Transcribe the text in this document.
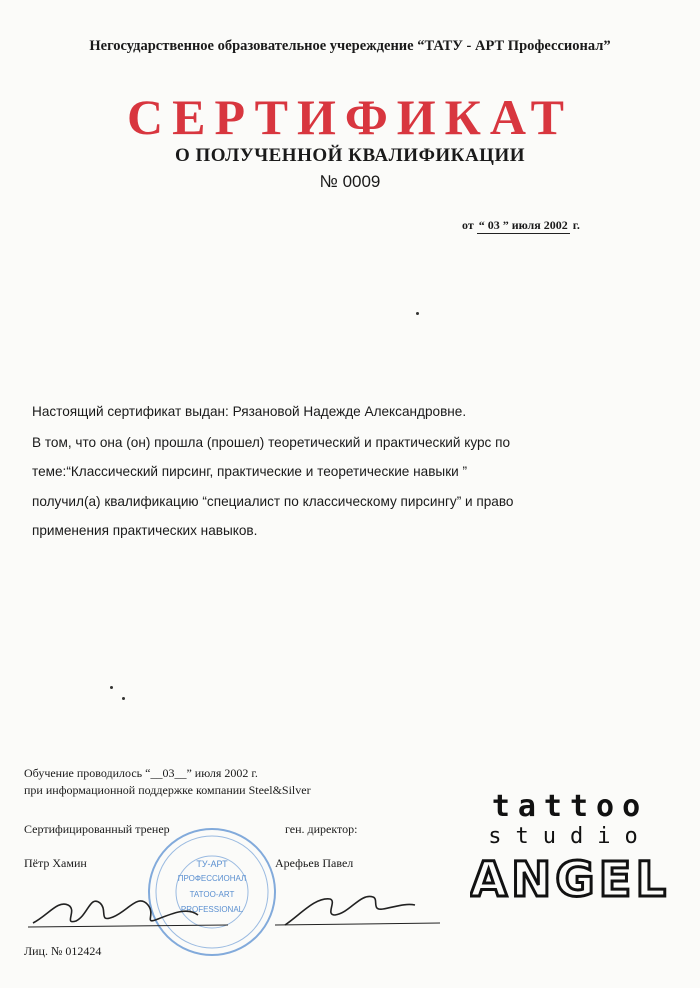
Негосударственное образовательное учереждение “ТАТУ - АРТ Профессионал”
СЕРТИФИКАТ
О ПОЛУЧЕННОЙ КВАЛИФИКАЦИИ
№ 0009
от “ 03 ” июля 2002 г.
Настоящий сертификат выдан: Рязановой Надежде Александровне.
В том, что она (он) прошла (прошел) теоретический и практический курс по
теме:“Классический пирсинг, практические и теоретические навыки ”
получил(а) квалификацию “специалист по классическому пирсингу” и право
применения практических навыков.
Обучение проводилось “__03__” июля 2002 г.
при информационной поддержке компании Steel&Silver
Сертифицированный тренер	ген. директор:
Пётр Хамин	Арефьев Павел
Лиц. № 012424
ТУ-АРТ
ПРОФЕССИОНАЛ
TATOO-ART
PROFESSIONAL
tattoo
studio
ANGEL
